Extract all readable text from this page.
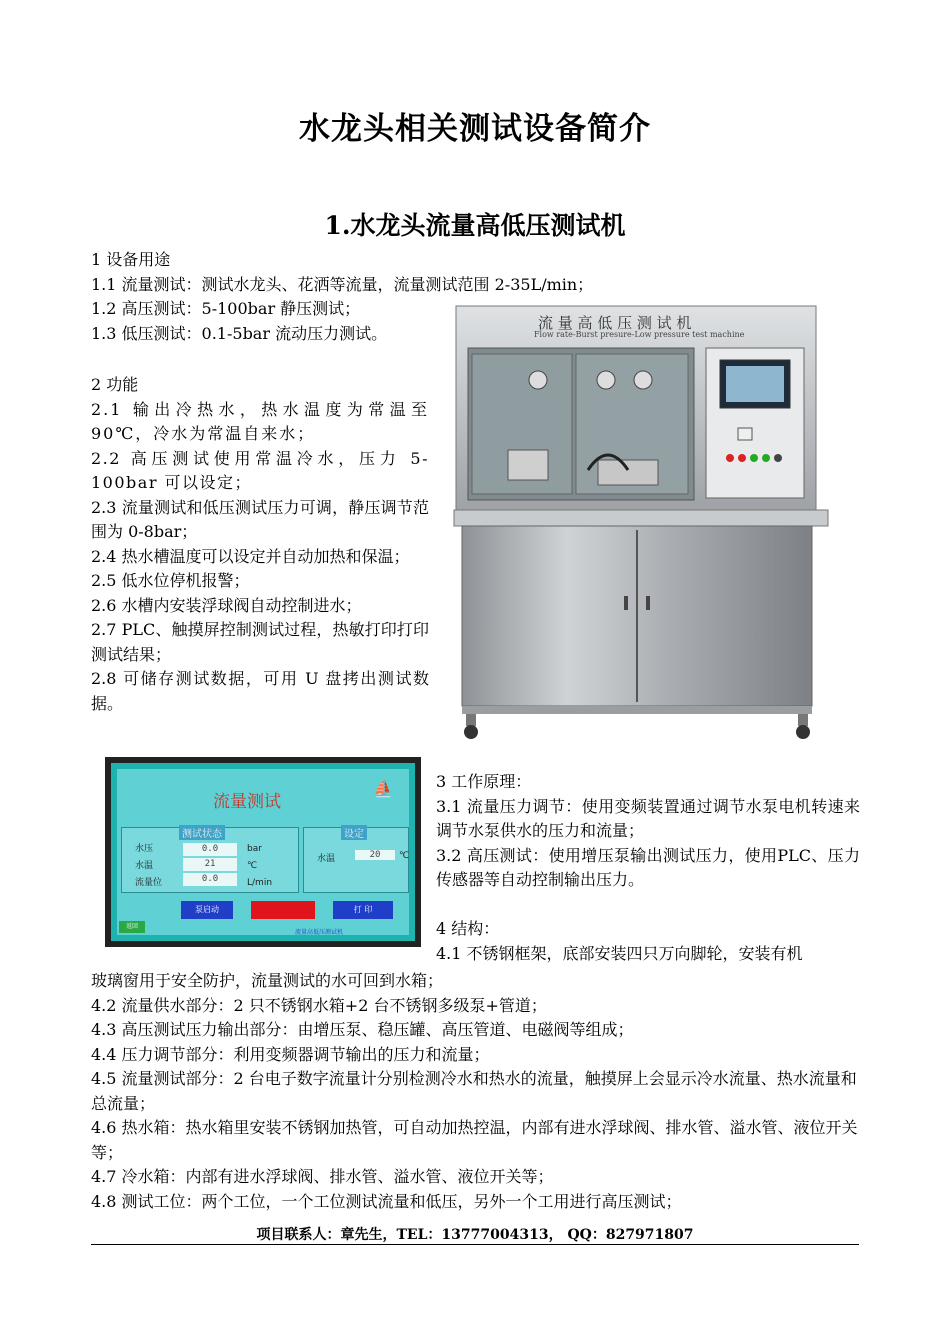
水龙头相关测试设备简介
1.水龙头流量高低压测试机

1 设备用途

1.1 流量测试：测试水龙头、花洒等流量，流量测试范围 2-35L/min；

1.2 高压测试：5-100bar 静压测试；

1.3 低压测试：0.1-5bar 流动压力测试。

2 功能

2.1 输出冷热水，热水温度为常温至90℃，冷水为常温自来水；

2.2 高压测试使用常温冷水，压力 5-100bar 可以设定；

2.3 流量测试和低压测试压力可调，静压调节范围为 0-8bar；

2.4 热水槽温度可以设定并自动加热和保温；

2.5 低水位停机报警；

2.6 水槽内安装浮球阀自动控制进水；

2.7 PLC、触摸屏控制测试过程，热敏打印打印测试结果；

2.8 可储存测试数据，可用 U 盘拷出测试数据。

流 量 高 低 压 测 试 机
Flow rate-Burst presure-Low pressure test machine
流量测试
⛵
测试状态
水压
水温
流量位
0.0
21
0.0
bar
℃
L/min
设定
水温	20	℃
泵启动	打 印
返回
流量高低压测试机

3 工作原理：

3.1 流量压力调节：使用变频装置通过调节水泵电机转速来调节水泵供水的压力和流量；

3.2 高压测试：使用增压泵输出测试压力，使用PLC、压力传感器等自动控制输出压力。

4 结构：

4.1 不锈钢框架，底部安装四只万向脚轮，安装有机

玻璃窗用于安全防护，流量测试的水可回到水箱；

4.2 流量供水部分：2 只不锈钢水箱+2 台不锈钢多级泵+管道；

4.3 高压测试压力输出部分：由增压泵、稳压罐、高压管道、电磁阀等组成；

4.4 压力调节部分：利用变频器调节输出的压力和流量；

4.5 流量测试部分：2 台电子数字流量计分别检测冷水和热水的流量，触摸屏上会显示冷水流量、热水流量和总流量；

4.6 热水箱：热水箱里安装不锈钢加热管，可自动加热控温，内部有进水浮球阀、排水管、溢水管、液位开关等；

4.7 冷水箱：内部有进水浮球阀、排水管、溢水管、液位开关等；

4.8 测试工位：两个工位，一个工位测试流量和低压，另外一个工用进行高压测试；

项目联系人：章先生，TEL：13777004313， QQ：827971807
